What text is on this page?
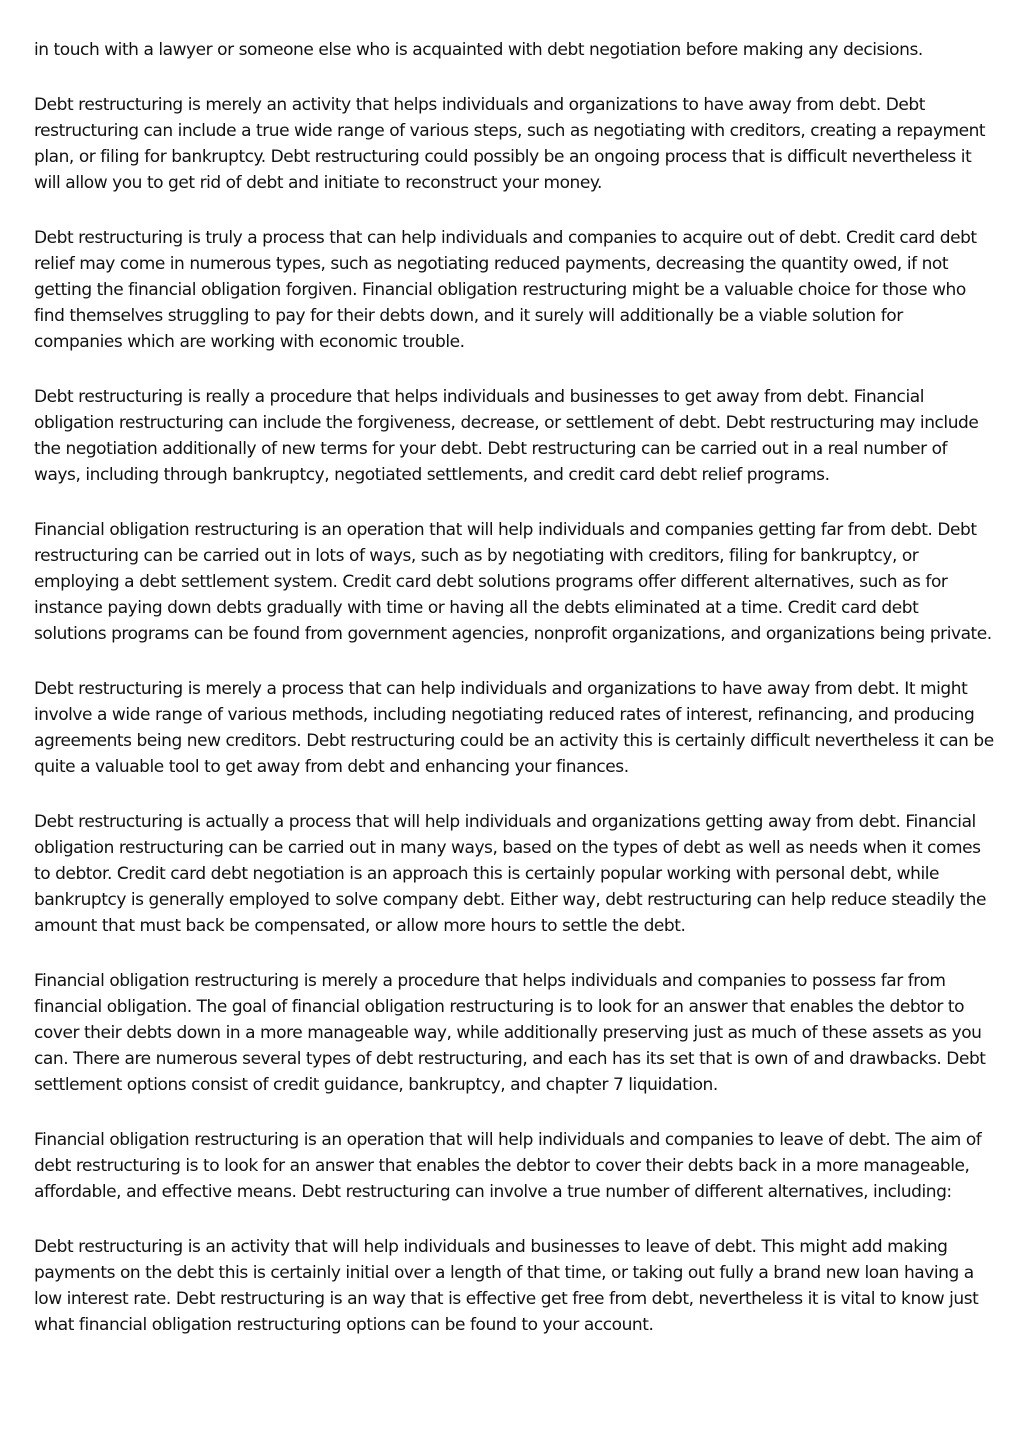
in touch with a lawyer or someone else who is acquainted with debt negotiation before making any decisions.

Debt restructuring is merely an activity that helps individuals and organizations to have away from debt. Debt restructuring can include a true wide range of various steps, such as negotiating with creditors, creating a repayment plan, or filing for bankruptcy. Debt restructuring could possibly be an ongoing process that is difficult nevertheless it will allow you to get rid of debt and initiate to reconstruct your money.

Debt restructuring is truly a process that can help individuals and companies to acquire out of debt. Credit card debt relief may come in numerous types, such as negotiating reduced payments, decreasing the quantity owed, if not getting the financial obligation forgiven. Financial obligation restructuring might be a valuable choice for those who find themselves struggling to pay for their debts down, and it surely will additionally be a viable solution for companies which are working with economic trouble.

Debt restructuring is really a procedure that helps individuals and businesses to get away from debt. Financial obligation restructuring can include the forgiveness, decrease, or settlement of debt. Debt restructuring may include the negotiation additionally of new terms for your debt. Debt restructuring can be carried out in a real number of ways, including through bankruptcy, negotiated settlements, and credit card debt relief programs.

Financial obligation restructuring is an operation that will help individuals and companies getting far from debt. Debt restructuring can be carried out in lots of ways, such as by negotiating with creditors, filing for bankruptcy, or employing a debt settlement system. Credit card debt solutions programs offer different alternatives, such as for instance paying down debts gradually with time or having all the debts eliminated at a time. Credit card debt solutions programs can be found from government agencies, nonprofit organizations, and organizations being private.

Debt restructuring is merely a process that can help individuals and organizations to have away from debt. It might involve a wide range of various methods, including negotiating reduced rates of interest, refinancing, and producing agreements being new creditors. Debt restructuring could be an activity this is certainly difficult nevertheless it can be quite a valuable tool to get away from debt and enhancing your finances.

Debt restructuring is actually a process that will help individuals and organizations getting away from debt. Financial obligation restructuring can be carried out in many ways, based on the types of debt as well as needs when it comes to debtor. Credit card debt negotiation is an approach this is certainly popular working with personal debt, while bankruptcy is generally employed to solve company debt. Either way, debt restructuring can help reduce steadily the amount that must back be compensated, or allow more hours to settle the debt.

Financial obligation restructuring is merely a procedure that helps individuals and companies to possess far from financial obligation. The goal of financial obligation restructuring is to look for an answer that enables the debtor to cover their debts down in a more manageable way, while additionally preserving just as much of these assets as you can. There are numerous several types of debt restructuring, and each has its set that is own of and drawbacks. Debt settlement options consist of credit guidance, bankruptcy, and chapter 7 liquidation.

Financial obligation restructuring is an operation that will help individuals and companies to leave of debt. The aim of debt restructuring is to look for an answer that enables the debtor to cover their debts back in a more manageable, affordable, and effective means. Debt restructuring can involve a true number of different alternatives, including:

Debt restructuring is an activity that will help individuals and businesses to leave of debt. This might add making payments on the debt this is certainly initial over a length of that time, or taking out fully a brand new loan having a low interest rate. Debt restructuring is an way that is effective get free from debt, nevertheless it is vital to know just what financial obligation restructuring options can be found to your account.
